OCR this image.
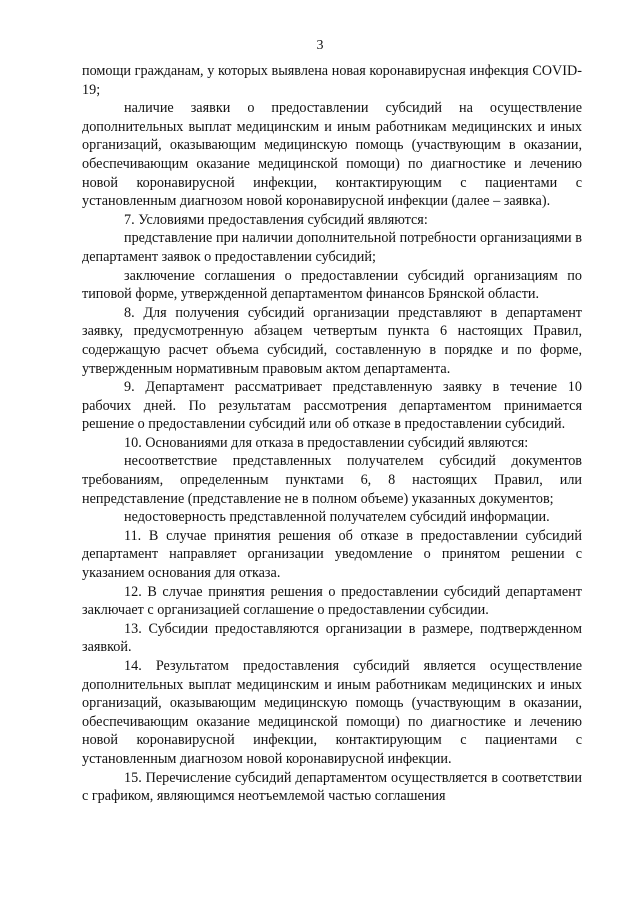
3

помощи гражданам, у которых выявлена новая коронавирусная инфекция COVID-19;

наличие заявки о предоставлении субсидий на осуществление дополнительных выплат медицинским и иным работникам медицинских и иных организаций, оказывающим медицинскую помощь (участвующим в оказании, обеспечивающим оказание медицинской помощи) по диагностике и лечению новой коронавирусной инфекции, контактирующим с пациентами с установленным диагнозом новой коронавирусной инфекции (далее – заявка).

7. Условиями предоставления субсидий являются:

представление при наличии дополнительной потребности организациями в департамент заявок о предоставлении субсидий;

заключение соглашения о предоставлении субсидий организациям по типовой форме, утвержденной департаментом финансов Брянской области.

8. Для получения субсидий организации представляют в департамент заявку, предусмотренную абзацем четвертым пункта 6 настоящих Правил, содержащую расчет объема субсидий, составленную в порядке и по форме, утвержденным нормативным правовым актом департамента.

9. Департамент рассматривает представленную заявку в течение 10 рабочих дней. По результатам рассмотрения департаментом принимается решение о предоставлении субсидий или об отказе в предоставлении субсидий.

10. Основаниями для отказа в предоставлении субсидий являются:

несоответствие представленных получателем субсидий документов требованиям, определенным пунктами 6, 8 настоящих Правил, или непредставление (представление не в полном объеме) указанных документов;

недостоверность представленной получателем субсидий информации.

11. В случае принятия решения об отказе в предоставлении субсидий департамент направляет организации уведомление о принятом решении с указанием основания для отказа.

12. В случае принятия решения о предоставлении субсидий департамент заключает с организацией соглашение о предоставлении субсидии.

13. Субсидии предоставляются организации в размере, подтвержденном заявкой.

14. Результатом предоставления субсидий является осуществление дополнительных выплат медицинским и иным работникам медицинских и иных организаций, оказывающим медицинскую помощь (участвующим в оказании, обеспечивающим оказание медицинской помощи) по диагностике и лечению новой коронавирусной инфекции, контактирующим с пациентами с установленным диагнозом новой коронавирусной инфекции.

15. Перечисление субсидий департаментом осуществляется в соответствии с графиком, являющимся неотъемлемой частью соглашения
